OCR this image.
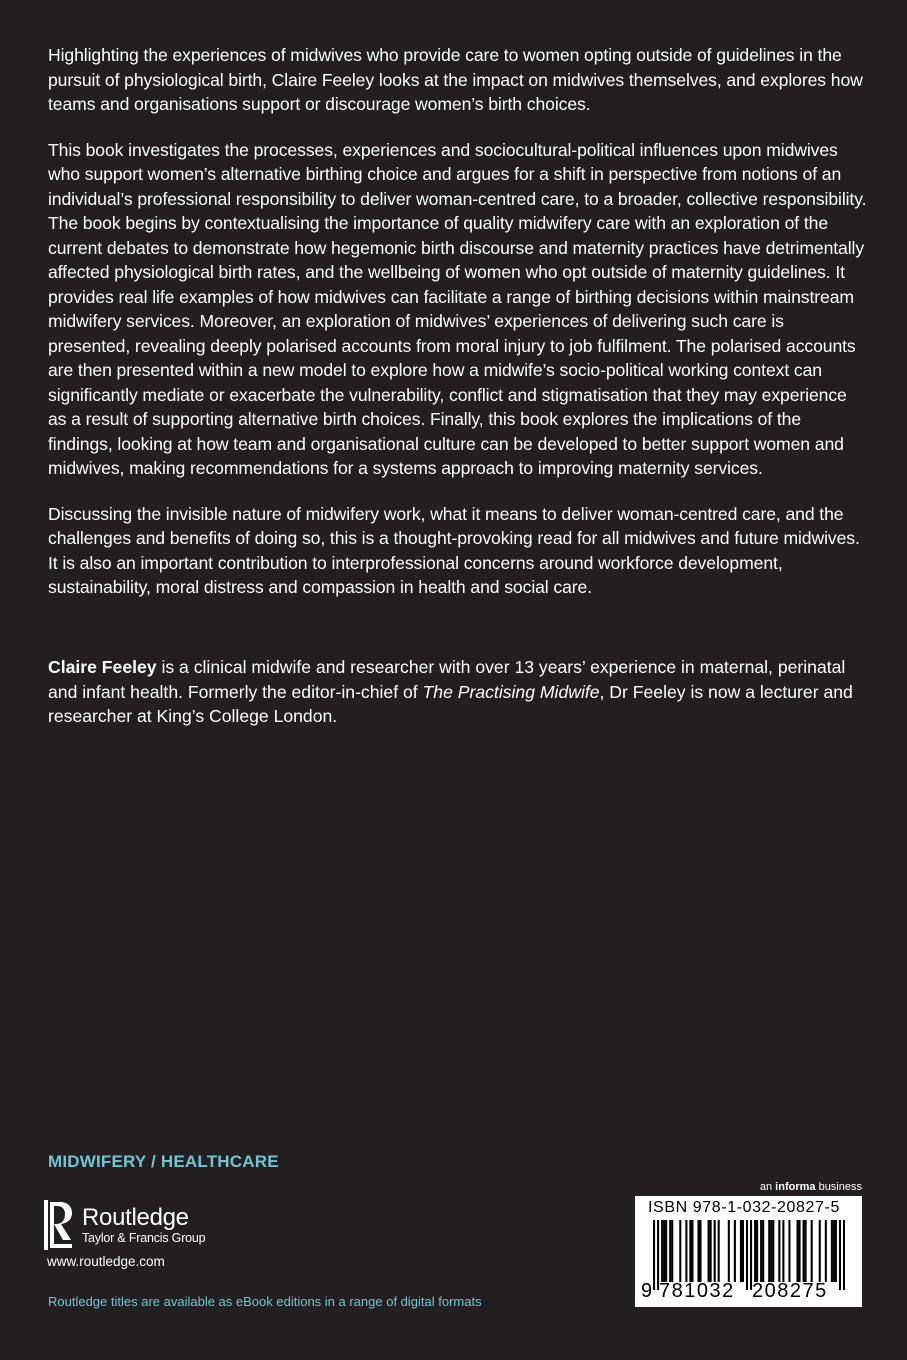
Highlighting the experiences of midwives who provide care to women opting outside of guidelines in the pursuit of physiological birth, Claire Feeley looks at the impact on midwives themselves, and explores how teams and organisations support or discourage women’s birth choices.

This book investigates the processes, experiences and sociocultural-political influences upon midwives who support women’s alternative birthing choice and argues for a shift in perspective from notions of an individual’s professional responsibility to deliver woman-centred care, to a broader, collective responsibility. The book begins by contextualising the importance of quality midwifery care with an exploration of the current debates to demonstrate how hegemonic birth discourse and maternity practices have detrimentally affected physiological birth rates, and the wellbeing of women who opt outside of maternity guidelines. It provides real life examples of how midwives can facilitate a range of birthing decisions within mainstream midwifery services. Moreover, an exploration of midwives’ experiences of delivering such care is presented, revealing deeply polarised accounts from moral injury to job fulfilment. The polarised accounts are then presented within a new model to explore how a midwife’s socio-political working context can significantly mediate or exacerbate the vulnerability, conflict and stigmatisation that they may experience as a result of supporting alternative birth choices. Finally, this book explores the implications of the findings, looking at how team and organisational culture can be developed to better support women and midwives, making recommendations for a systems approach to improving maternity services.

Discussing the invisible nature of midwifery work, what it means to deliver woman-centred care, and the challenges and benefits of doing so, this is a thought-provoking read for all midwives and future midwives. It is also an important contribution to interprofessional concerns around workforce development, sustainability, moral distress and compassion in health and social care.

Claire Feeley is a clinical midwife and researcher with over 13 years’ experience in maternal, perinatal and infant health. Formerly the editor-in-chief of The Practising Midwife, Dr Feeley is now a lecturer and researcher at King’s College London.

MIDWIFERY / HEALTHCARE
Routledge
Taylor & Francis Group
www.routledge.com
Routledge titles are available as eBook editions in a range of digital formats
an informa business
ISBN 978-1-032-20827-5
9 781032 208275
